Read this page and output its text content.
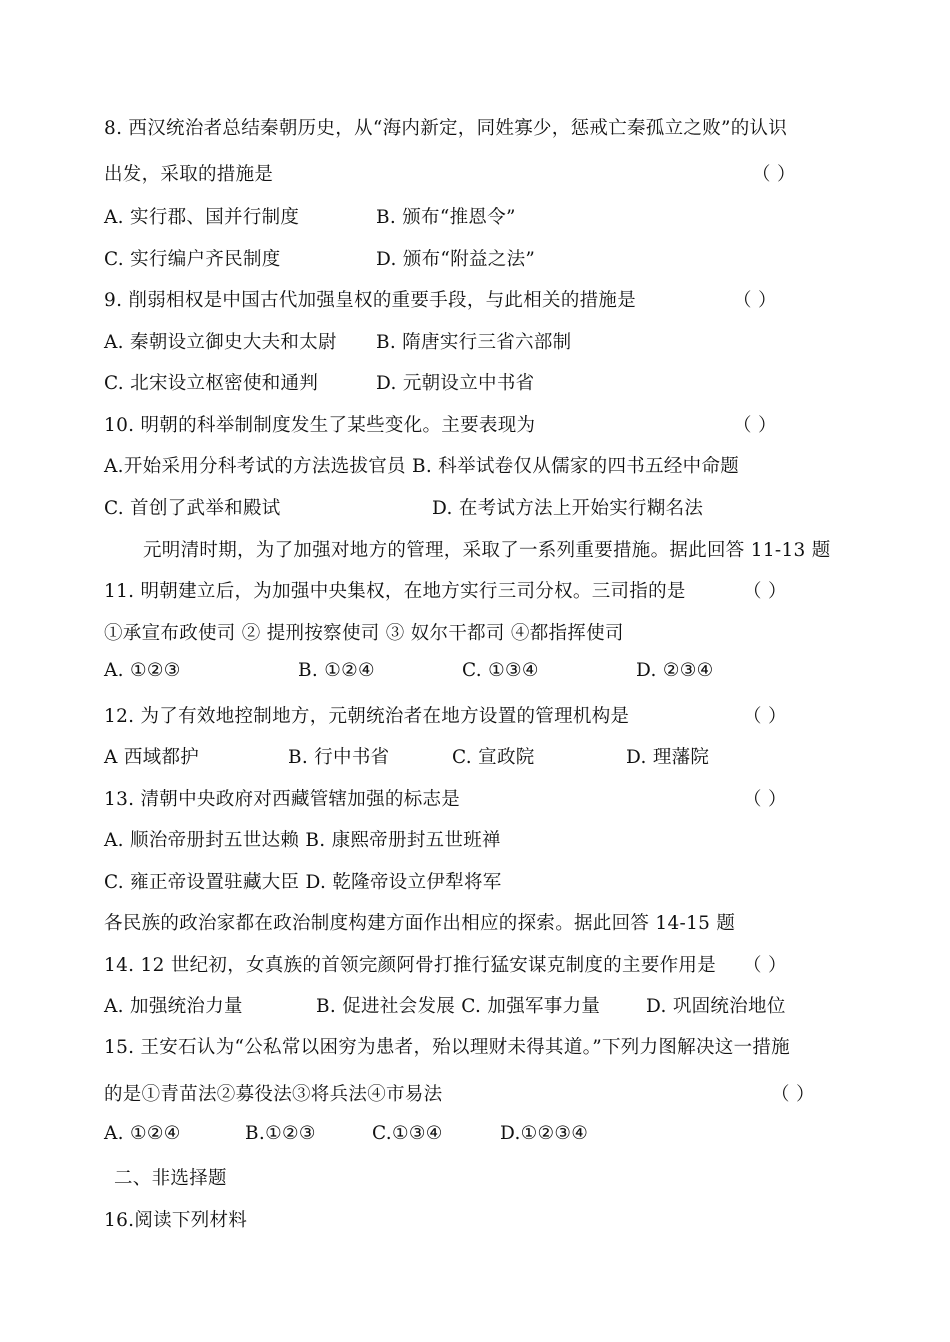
8. 西汉统治者总结秦朝历史，从“海内新定，同姓寡少，惩戒亡秦孤立之败”的认识
出发，采取的措施是	（ ）
A. 实行郡、国并行制度	B. 颁布“推恩令”
C. 实行编户齐民制度	D. 颁布“附益之法”
9. 削弱相权是中国古代加强皇权的重要手段，与此相关的措施是	（ ）
A. 秦朝设立御史大夫和太尉 B. 隋唐实行三省六部制
C. 北宋设立枢密使和通判	D. 元朝设立中书省
10. 明朝的科举制制度发生了某些变化。主要表现为	（ ）
A.开始采用分科考试的方法选拔官员 B. 科举试卷仅从儒家的四书五经中命题
C. 首创了武举和殿试	D. 在考试方法上开始实行糊名法
元明清时期，为了加强对地方的管理，采取了一系列重要措施。据此回答 11-13 题
11. 明朝建立后，为加强中央集权，在地方实行三司分权。三司指的是	（ ）
①承宣布政使司 ② 提刑按察使司 ③ 奴尔干都司 ④都指挥使司
A. ①②③	B. ①②④	C. ①③④	D. ②③④
12. 为了有效地控制地方，元朝统治者在地方设置的管理机构是	（ ）
A 西域都护	B. 行中书省	C. 宣政院	D. 理藩院
13. 清朝中央政府对西藏管辖加强的标志是	（ ）
A. 顺治帝册封五世达赖 B. 康熙帝册封五世班禅
C. 雍正帝设置驻藏大臣 D. 乾隆帝设立伊犁将军
各民族的政治家都在政治制度构建方面作出相应的探索。据此回答 14-15 题
14. 12 世纪初，女真族的首领完颜阿骨打推行猛安谋克制度的主要作用是 （ ）
A. 加强统治力量	B. 促进社会发展 C. 加强军事力量 D. 巩固统治地位
15. 王安石认为“公私常以困穷为患者，殆以理财未得其道。”下列力图解决这一措施
的是①青苗法②募役法③将兵法④市易法	（ ）
A. ①②④	B.①②③	C.①③④	D.①②③④
二、非选择题
16.阅读下列材料
